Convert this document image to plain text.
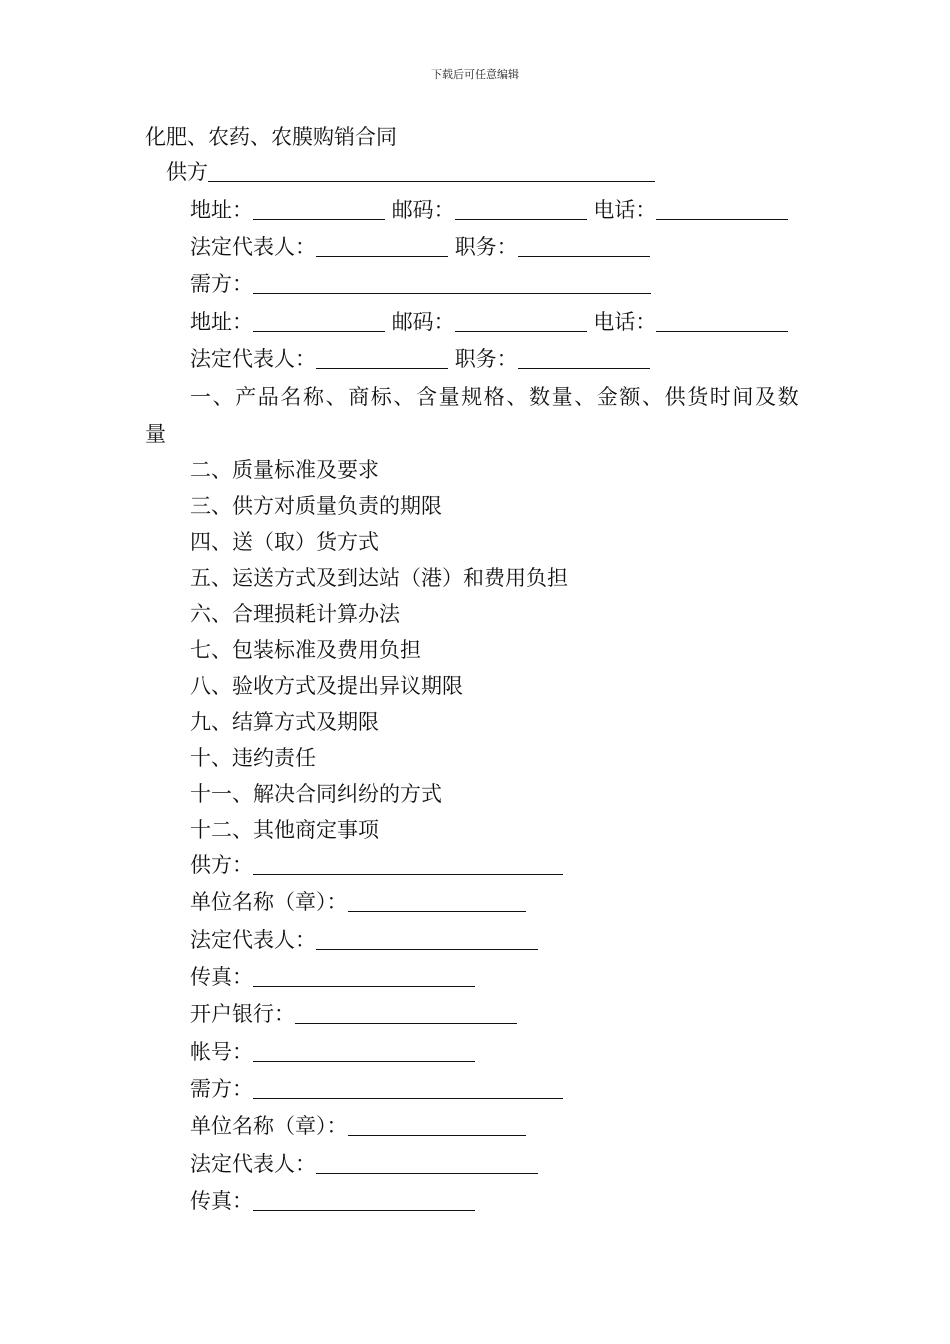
下载后可任意编辑
化肥、农药、农膜购销合同
供方
地址：	邮码：	电话：
法定代表人：	职务：
需方：
地址：	邮码：	电话：
法定代表人：	职务：
一、产品名称、商标、含量规格、数量、金额、供货时间及数
量
二、质量标准及要求
三、供方对质量负责的期限
四、送（取）货方式
五、运送方式及到达站（港）和费用负担
六、合理损耗计算办法
七、包装标准及费用负担
八、验收方式及提出异议期限
九、结算方式及期限
十、违约责任
十一、解决合同纠纷的方式
十二、其他商定事项
供方：
单位名称（章）：
法定代表人：
传真：
开户银行：
帐号：
需方：
单位名称（章）：
法定代表人：
传真：
